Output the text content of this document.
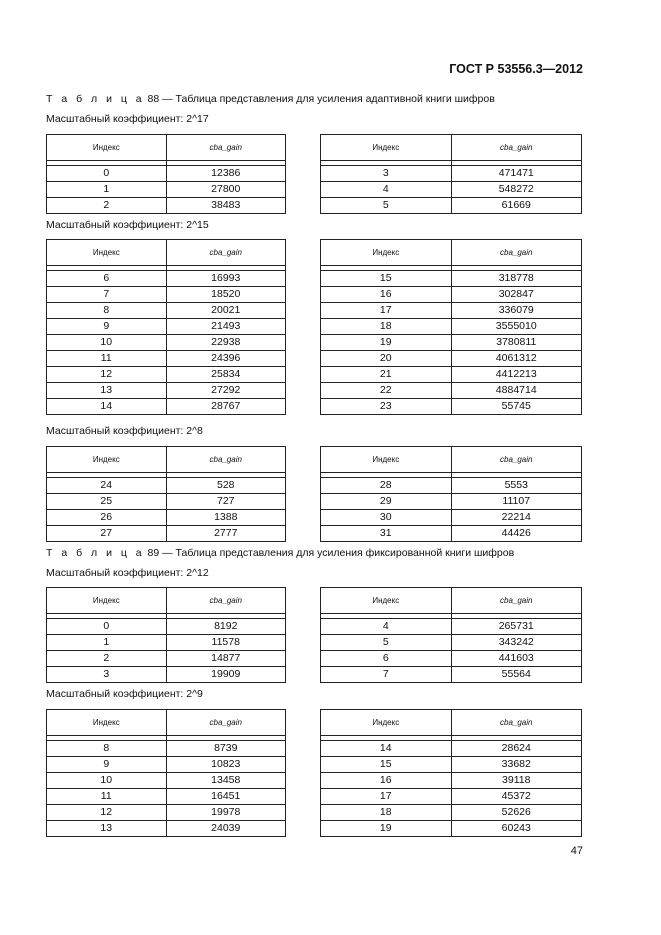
ГОСТ Р 53556.3—2012
Т а б л и ц а 88 — Таблица представления для усиления адаптивной книги шифров
Масштабный коэффициент: 2^17
Индекс	cba_gain

0	12386
1	27800
2	38483
Индекс	cba_gain

3	471471
4	548272
5	61669
Масштабный коэффициент: 2^15
Индекс	cba_gain

6	16993
7	18520
8	20021
9	21493
10	22938
11	24396
12	25834
13	27292
14	28767
Индекс	cba_gain

15	318778
16	302847
17	336079
18	3555010
19	3780811
20	4061312
21	4412213
22	4884714
23	55745
Масштабный коэффициент: 2^8
Индекс	cba_gain

24	528
25	727
26	1388
27	2777
Индекс	cba_gain

28	5553
29	11107
30	22214
31	44426
Т а б л и ц а 89 — Таблица представления для усиления фиксированной книги шифров
Масштабный коэффициент: 2^12
Индекс	cba_gain

0	8192
1	11578
2	14877
3	19909
Индекс	cba_gain

4	265731
5	343242
6	441603
7	55564
Масштабный коэффициент: 2^9
Индекс	cba_gain

8	8739
9	10823
10	13458
11	16451
12	19978
13	24039
Индекс	cba_gain

14	28624
15	33682
16	39118
17	45372
18	52626
19	60243
47
